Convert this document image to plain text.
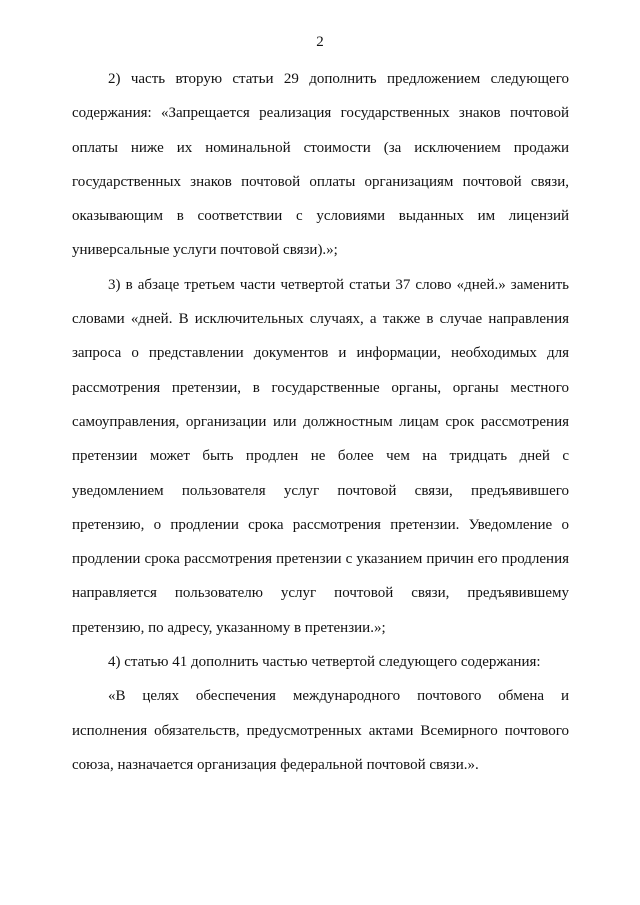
2

2) часть вторую статьи 29 дополнить предложением следующего содержания: «Запрещается реализация государственных знаков почтовой оплаты ниже их номинальной стоимости (за исключением продажи государственных знаков почтовой оплаты организациям почтовой связи, оказывающим в соответствии с условиями выданных им лицензий универсальные услуги почтовой связи).»;

3) в абзаце третьем части четвертой статьи 37 слово «дней.» заменить словами «дней. В исключительных случаях, а также в случае направления запроса о представлении документов и информации, необходимых для рассмотрения претензии, в государственные органы, органы местного самоуправления, организации или должностным лицам срок рассмотрения претензии может быть продлен не более чем на тридцать дней с уведомлением пользователя услуг почтовой связи, предъявившего претензию, о продлении срока рассмотрения претензии. Уведомление о продлении срока рассмотрения претензии с указанием причин его продления направляется пользователю услуг почтовой связи, предъявившему претензию, по адресу, указанному в претензии.»;

4) статью 41 дополнить частью четвертой следующего содержания:

«В целях обеспечения международного почтового обмена и исполнения обязательств, предусмотренных актами Всемирного почтового союза, назначается организация федеральной почтовой связи.».
